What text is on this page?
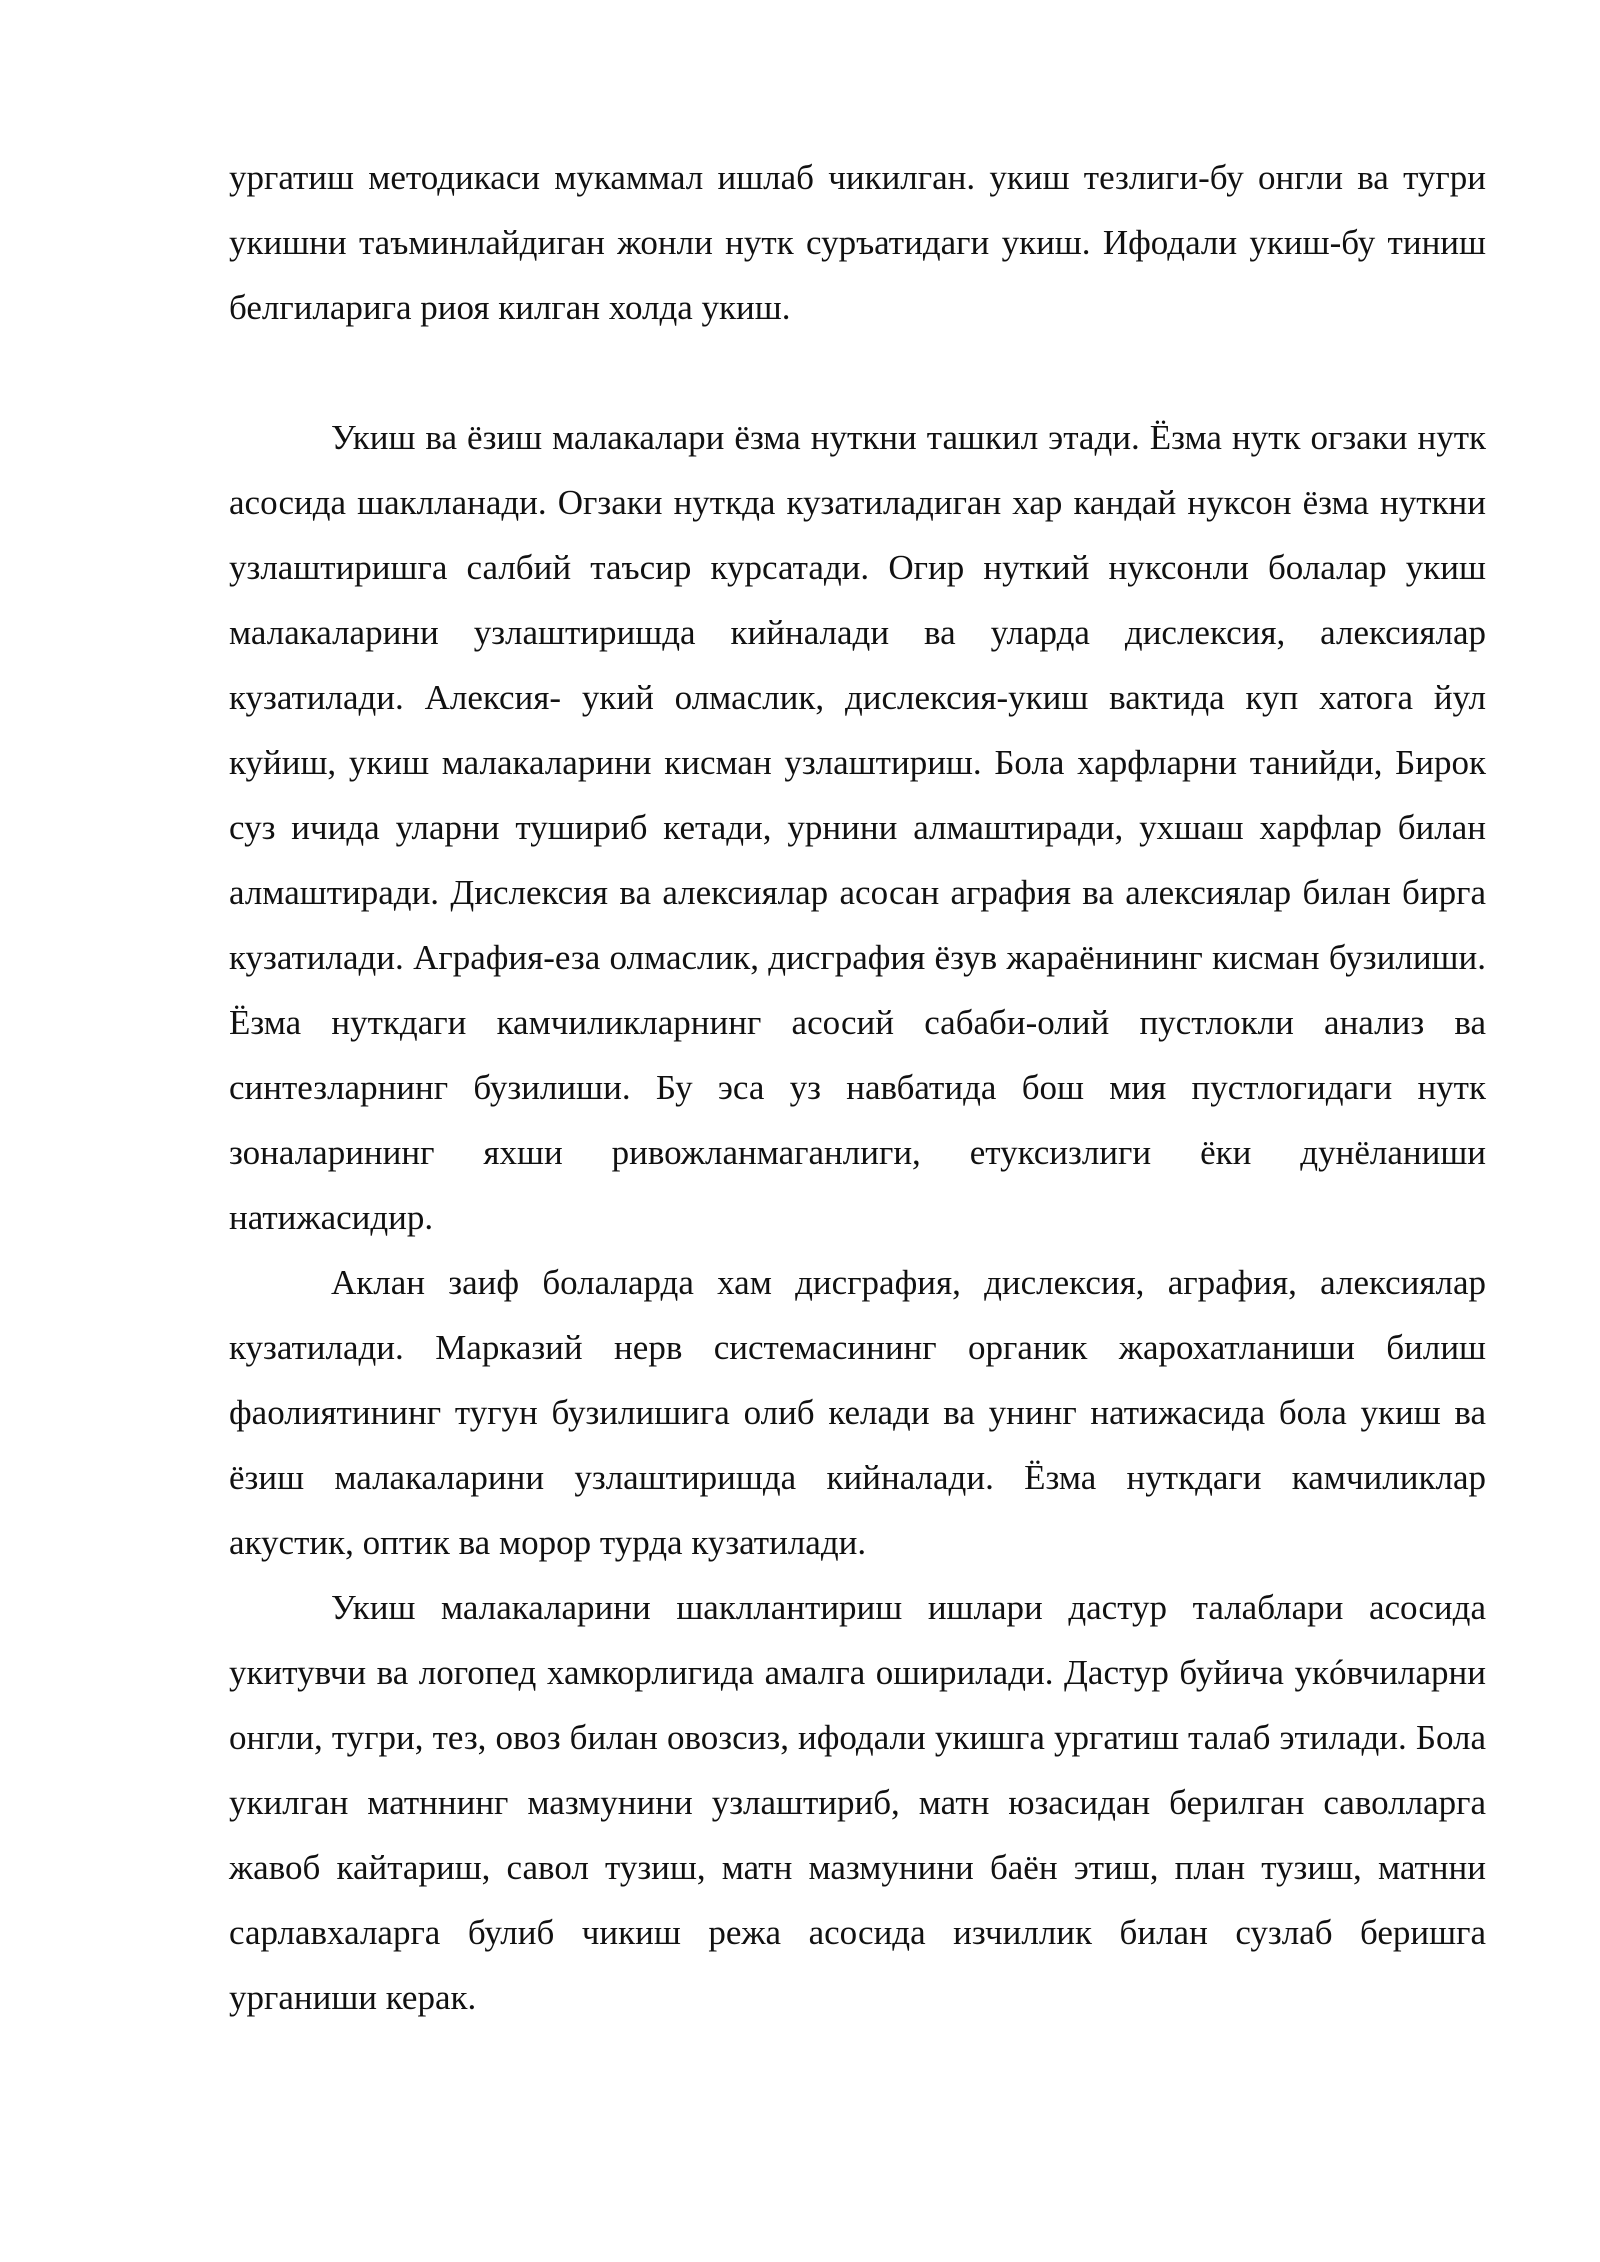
ургатиш методикаси мукаммал ишлаб чикилган. укиш тезлиги-бу онгли ва тугри укишни таъминлайдиган жонли нутк суръатидаги укиш. Ифодали укиш-бу тиниш белгиларига риоя килган холда укиш.

Укиш ва ёзиш малакалари ёзма нуткни ташкил этади. Ёзма нутк огзаки нутк асосида шаклланади. Огзаки нуткда кузатиладиган хар кандай нуксон ёзма нуткни узлаштиришга салбий таъсир курсатади. Огир нуткий нуксонли болалар укиш малакаларини узлаштиришда кийналади ва уларда дислексия, алексиялар кузатилади. Алексия- укий олмаслик, дислексия-укиш вактида куп хатога йул куйиш, укиш малакаларини кисман узлаштириш. Бола харфларни танийди, Бирок суз ичида уларни тушириб кетади, урнини алмаштиради, ухшаш харфлар билан алмаштиради. Дислексия ва алексиялар асосан аграфия ва алексиялар билан бирга кузатилади. Аграфия-еза олмаслик, дисграфия ёзув жараёнининг кисман бузилиши. Ёзма нуткдаги камчиликларнинг асосий сабаби-олий пустлокли анализ ва синтезларнинг бузилиши. Бу эса уз навбатида бош мия пустлогидаги нутк зоналарининг яхши ривожланмаганлиги, етуксизлиги ёки дунёланиши натижасидир.

Аклан заиф болаларда хам дисграфия, дислексия, аграфия, алексиялар кузатилади. Марказий нерв системасининг органик жарохатланиши билиш фаолиятининг тугун бузилишига олиб келади ва унинг натижасида бола укиш ва ёзиш малакаларини узлаштиришда кийналади. Ёзма нуткдаги камчиликлар акустик, оптик ва морор турда кузатилади.

Укиш малакаларини шакллантириш ишлари дастур талаблари асосида укитувчи ва логопед хамкорлигида амалга оширилади. Дастур буйича укóвчиларни онгли, тугри, тез, овоз билан овозсиз, ифодали укишга ургатиш талаб этилади. Бола укилган матннинг мазмунини узлаштириб, матн юзасидан берилган саволларга жавоб кайтариш, савол тузиш, матн мазмунини баён этиш, план тузиш, матнни сарлавхаларга булиб чикиш режа асосида изчиллик билан сузлаб беришга урганиши керак.
